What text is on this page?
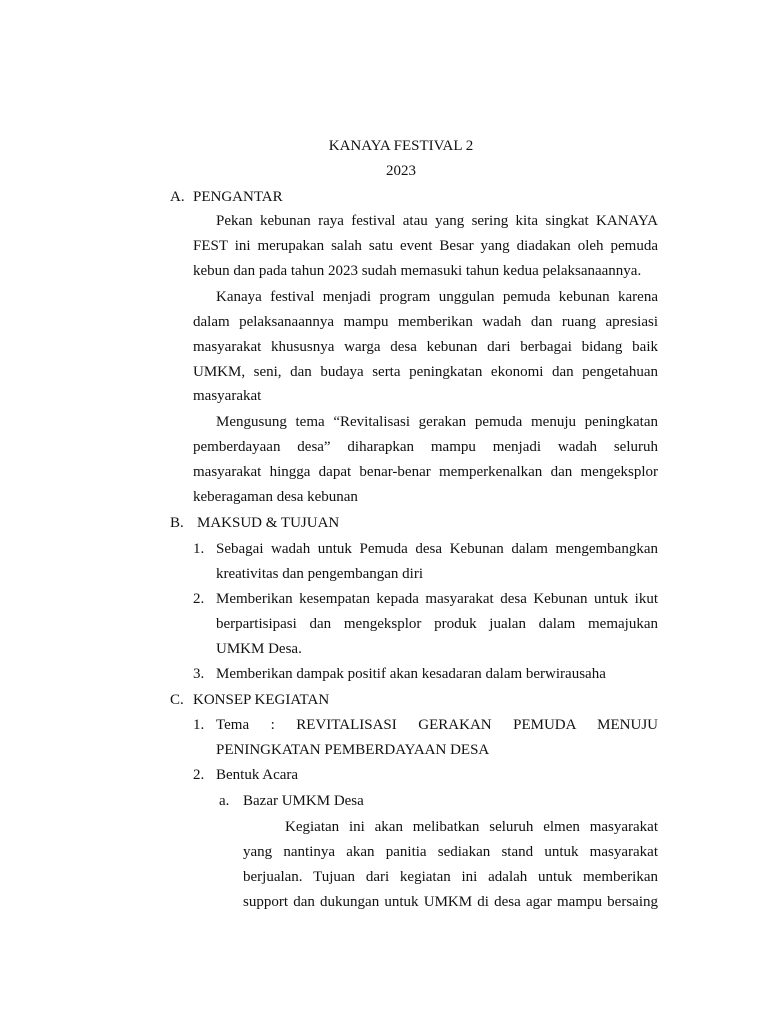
KANAYA FESTIVAL 2
2023
A. PENGANTAR
Pekan kebunan raya festival atau yang sering kita singkat KANAYA
FEST ini merupakan salah satu event Besar yang diadakan oleh pemuda
kebun dan pada tahun 2023 sudah memasuki tahun kedua pelaksanaannya.
Kanaya festival menjadi program unggulan pemuda kebunan karena
dalam pelaksanaannya mampu memberikan wadah dan ruang apresiasi
masyarakat khususnya warga desa kebunan dari berbagai bidang baik
UMKM, seni, dan budaya serta peningkatan ekonomi dan pengetahuan
masyarakat
Mengusung tema “Revitalisasi gerakan pemuda menuju peningkatan
pemberdayaan desa” diharapkan mampu menjadi wadah seluruh
masyarakat hingga dapat benar-benar memperkenalkan dan mengeksplor
keberagaman desa kebunan
B. MAKSUD & TUJUAN
1. Sebagai wadah untuk Pemuda desa Kebunan dalam mengembangkan
kreativitas dan pengembangan diri
2. Memberikan kesempatan kepada masyarakat desa Kebunan untuk ikut
berpartisipasi dan mengeksplor produk jualan dalam memajukan
UMKM Desa.
3. Memberikan dampak positif akan kesadaran dalam berwirausaha
C. KONSEP KEGIATAN
1. Tema : REVITALISASI GERAKAN PEMUDA MENUJU
PENINGKATAN PEMBERDAYAAN DESA
2. Bentuk Acara
a. Bazar UMKM Desa
Kegiatan ini akan melibatkan seluruh elmen masyarakat
yang nantinya akan panitia sediakan stand untuk masyarakat
berjualan. Tujuan dari kegiatan ini adalah untuk memberikan
support dan dukungan untuk UMKM di desa agar mampu bersaing
